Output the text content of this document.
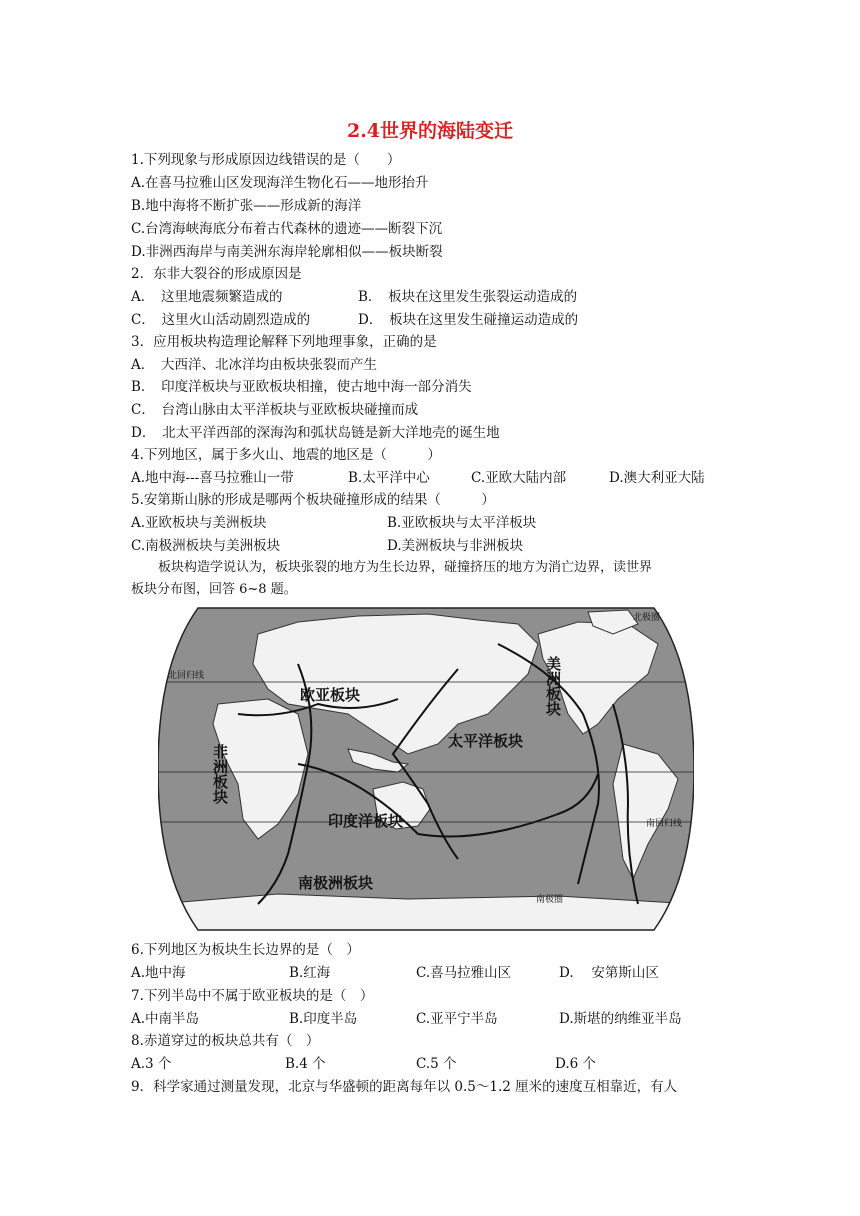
2.4世界的海陆变迁
1.下列现象与形成原因边线错误的是（　　）
A.在喜马拉雅山区发现海洋生物化石——地形抬升
B.地中海将不断扩张——形成新的海洋
C.台湾海峡海底分布着古代森林的遗迹——断裂下沉
D.非洲西海岸与南美洲东海岸轮廓相似——板块断裂
2．东非大裂谷的形成原因是
A．　这里地震频繁造成的	B．　板块在这里发生张裂运动造成的
C．　这里火山活动剧烈造成的	D．　板块在这里发生碰撞运动造成的
3．应用板块构造理论解释下列地理事象，正确的是
A．　大西洋、北冰洋均由板块张裂而产生
B．　印度洋板块与亚欧板块相撞，使古地中海一部分消失
C．　台湾山脉由太平洋板块与亚欧板块碰撞而成
D．　北太平洋西部的深海沟和弧状岛链是新大洋地壳的诞生地
4.下列地区，属于多火山、地震的地区是（　　　）
A.地中海---喜马拉雅山一带	B.太平洋中心	C.亚欧大陆内部	D.澳大利亚大陆
5.安第斯山脉的形成是哪两个板块碰撞形成的结果（　　　）
A.亚欧板块与美洲板块	B.亚欧板块与太平洋板块
C.南极洲板块与美洲板块	D.美洲板块与非洲板块
板块构造学说认为，板块张裂的地方为生长边界，碰撞挤压的地方为消亡边界，读世界
板块分布图，回答 6~8 题。
欧亚板块
非洲板块
太平洋板块
印度洋板块
南极洲板块
美洲板块
北回归线
南回归线
北极圈
南极圈
6.下列地区为板块生长边界的是（　）
A.地中海	B.红海	C.喜马拉雅山区	D.　 安第斯山区
7.下列半岛中不属于欧亚板块的是（　）
A.中南半岛	B.印度半岛	C.亚平宁半岛	D.斯堪的纳维亚半岛
8.赤道穿过的板块总共有（　）
A.3 个	B.4 个	C.5 个	D.6 个
9．科学家通过测量发现，北京与华盛顿的距离每年以 0.5～1.2 厘米的速度互相靠近，有人
